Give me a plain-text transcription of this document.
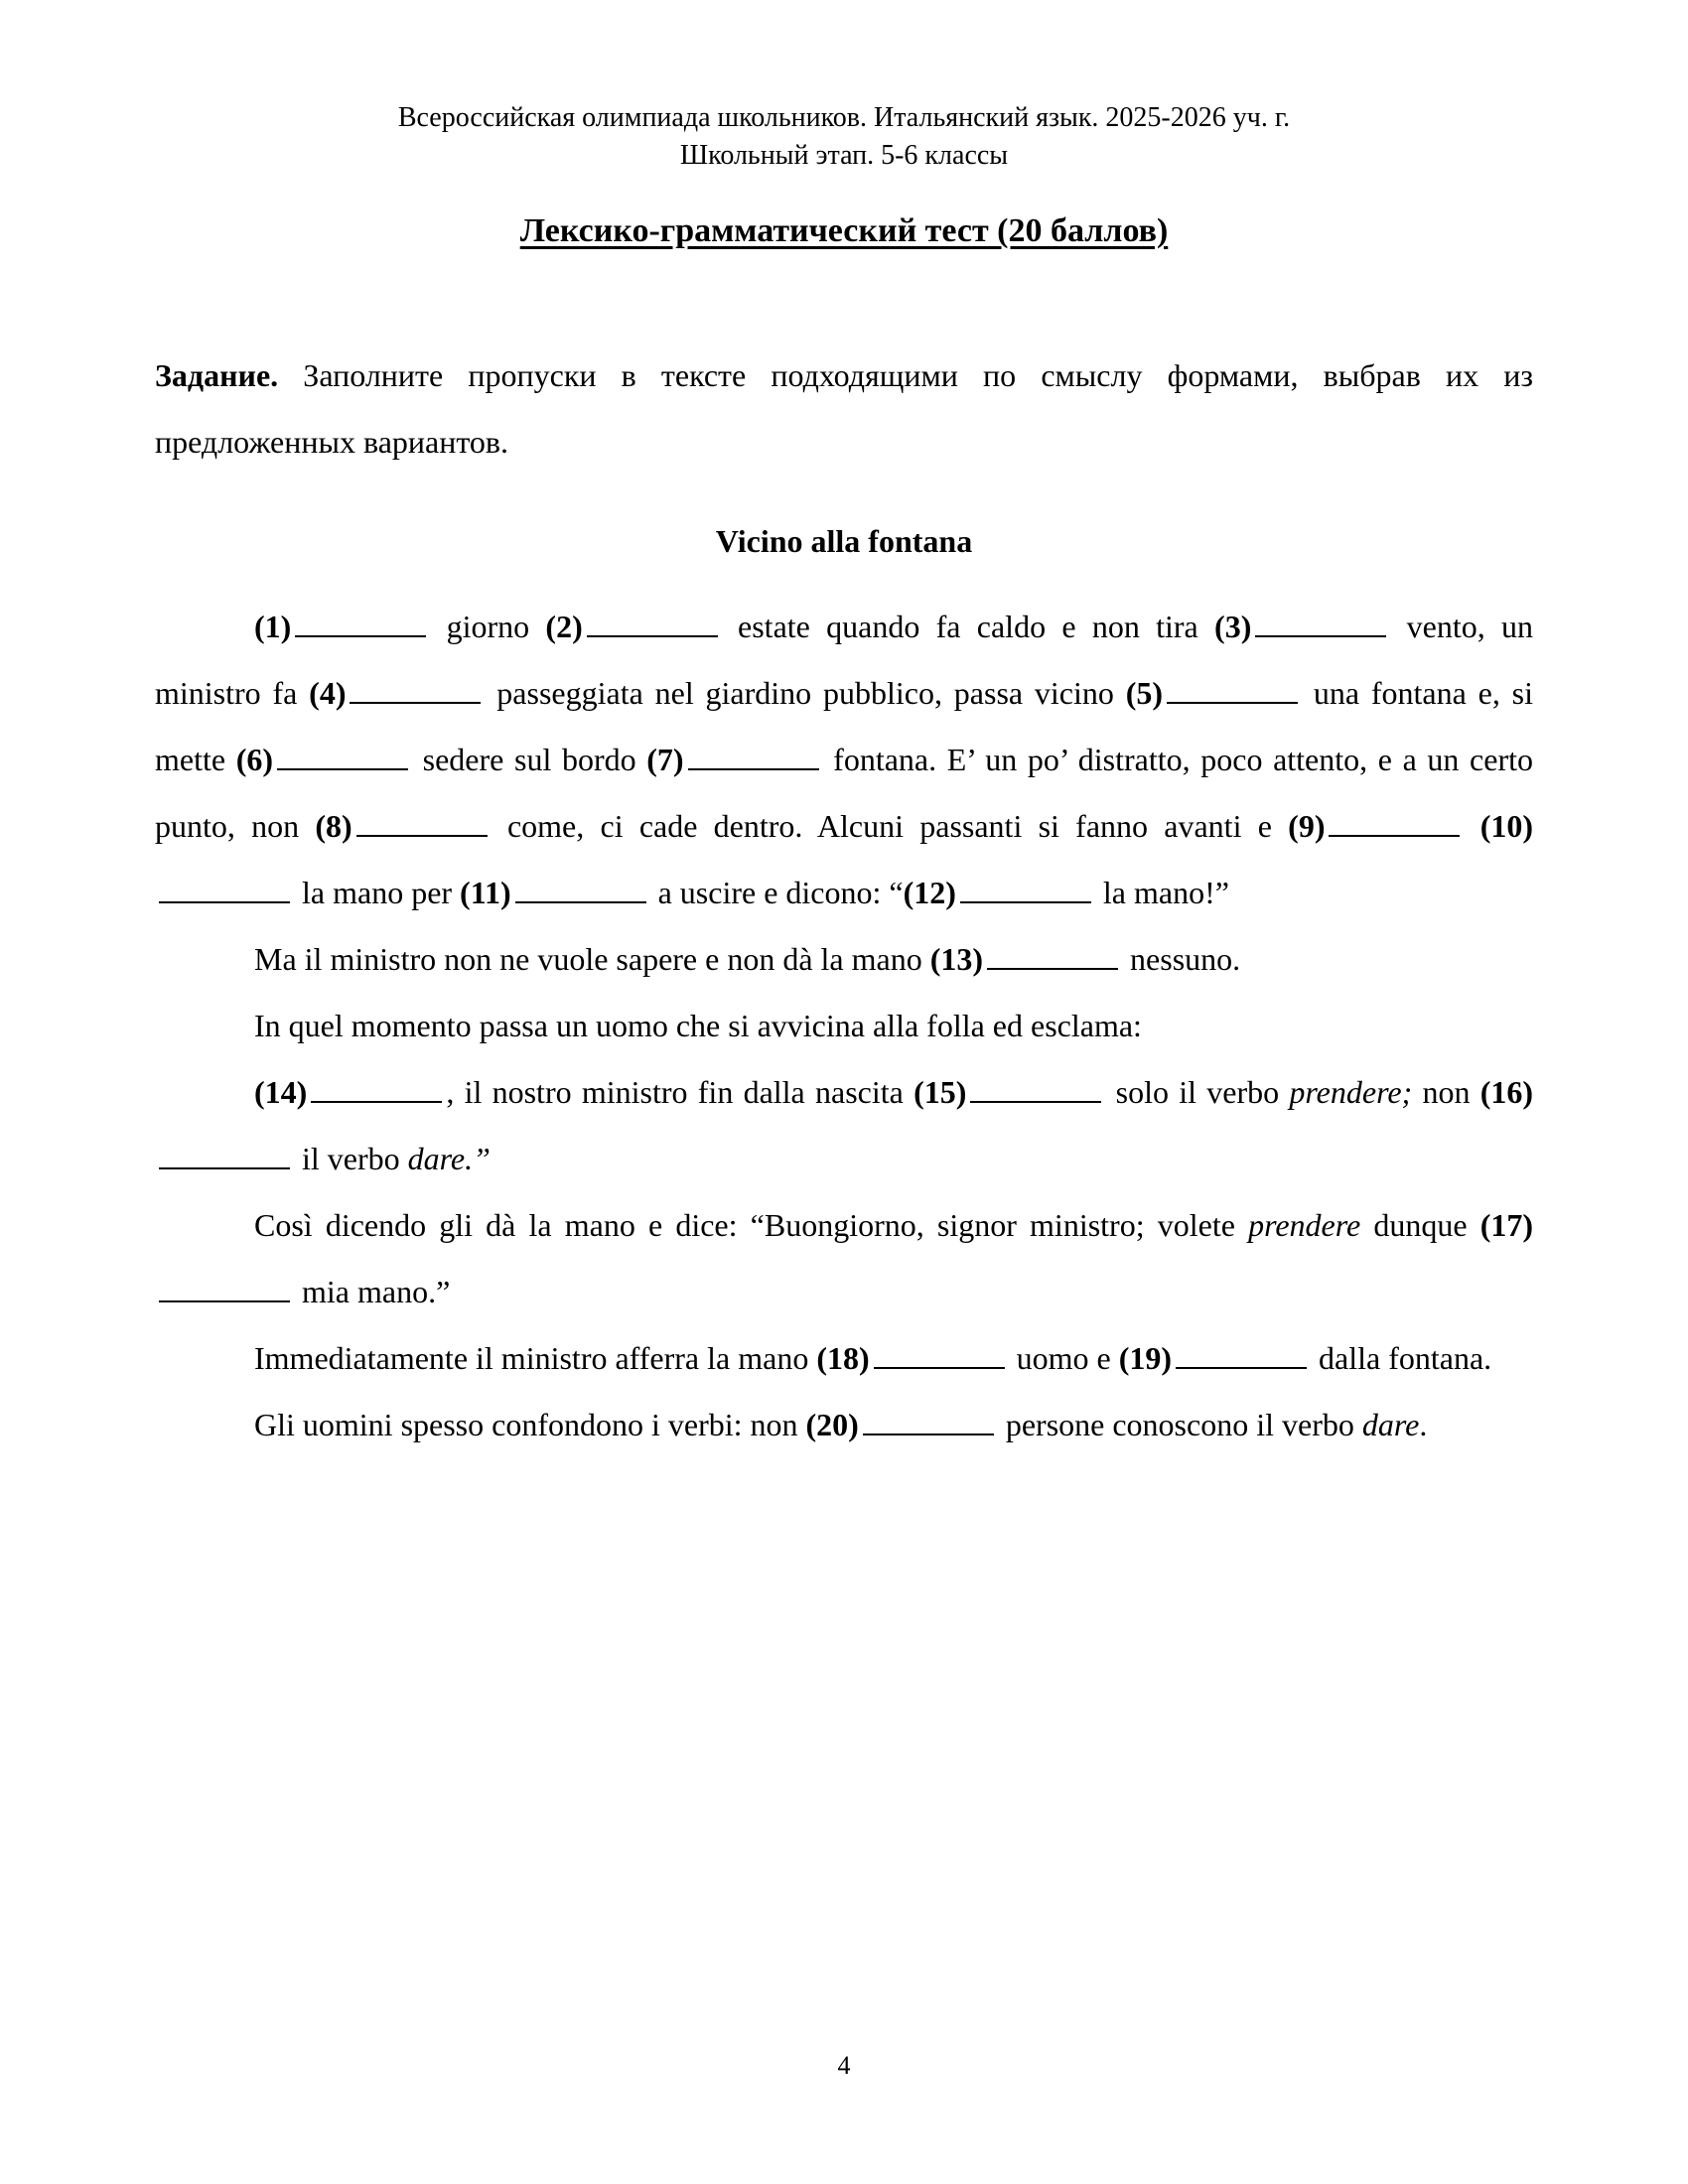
Всероссийская олимпиада школьников. Итальянский язык. 2025-2026 уч. г.
Школьный этап. 5-6 классы
Лексико-грамматический тест (20 баллов)

Задание. Заполните пропуски в тексте подходящими по смыслу формами, выбрав их из предложенных вариантов.

Vicino alla fontana

(1)	giorno (2)	estate quando fa caldo e non tira (3)	vento, un ministro fa (4)	passeggiata nel giardino pubblico, passa vicino (5)	una fontana e, si mette (6)	sedere sul bordo (7)	fontana. E’ un po’ distratto, poco attento, e a un certo punto, non (8)	come, ci cade dentro. Alcuni passanti si fanno avanti e (9)	(10) la mano per (11)	a uscire e dicono: “(12)	la mano!”

Ma il ministro non ne vuole sapere e non dà la mano (13)	nessuno.

In quel momento passa un uomo che si avvicina alla folla ed esclama:

(14)	, il nostro ministro fin dalla nascita (15)	solo il verbo prendere; non (16) il verbo dare.”

Così dicendo gli dà la mano e dice: “Buongiorno, signor ministro; volete prendere dunque (17) mia mano.”

Immediatamente il ministro afferra la mano (18)	uomo e (19)	dalla fontana.

Gli uomini spesso confondono i verbi: non (20)	persone conoscono il verbo dare.

4
